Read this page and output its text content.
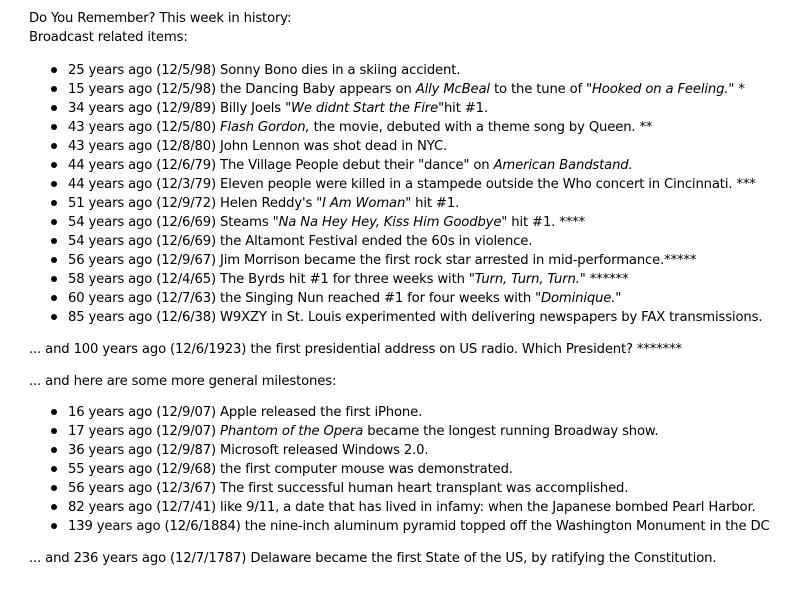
Do You Remember? This week in history:
Broadcast related items:
25 years ago (12/5/98) Sonny Bono dies in a skiing accident.
15 years ago (12/5/98) the Dancing Baby appears on Ally McBeal to the tune of "Hooked on a Feeling." *
34 years ago (12/9/89) Billy Joels "We didnt Start the Fire"hit #1.
43 years ago (12/5/80) Flash Gordon, the movie, debuted with a theme song by Queen. **
43 years ago (12/8/80) John Lennon was shot dead in NYC.
44 years ago (12/6/79) The Village People debut their "dance" on American Bandstand.
44 years ago (12/3/79) Eleven people were killed in a stampede outside the Who concert in Cincinnati. ***
51 years ago (12/9/72) Helen Reddy's "I Am Woman" hit #1.
54 years ago (12/6/69) Steams "Na Na Hey Hey, Kiss Him Goodbye" hit #1. ****
54 years ago (12/6/69) the Altamont Festival ended the 60s in violence.
56 years ago (12/9/67) Jim Morrison became the first rock star arrested in mid-performance.*****
58 years ago (12/4/65) The Byrds hit #1 for three weeks with "Turn, Turn, Turn." ******
60 years ago (12/7/63) the Singing Nun reached #1 for four weeks with "Dominique."
85 years ago (12/6/38) W9XZY in St. Louis experimented with delivering newspapers by FAX transmissions.
... and 100 years ago (12/6/1923) the first presidential address on US radio. Which President? *******
... and here are some more general milestones:
16 years ago (12/9/07) Apple released the first iPhone.
17 years ago (12/9/07) Phantom of the Opera became the longest running Broadway show.
36 years ago (12/9/87) Microsoft released Windows 2.0.
55 years ago (12/9/68) the first computer mouse was demonstrated.
56 years ago (12/3/67) The first successful human heart transplant was accomplished.
82 years ago (12/7/41) like 9/11, a date that has lived in infamy: when the Japanese bombed Pearl Harbor.
139 years ago (12/6/1884) the nine-inch aluminum pyramid topped off the Washington Monument in the DC
... and 236 years ago (12/7/1787) Delaware became the first State of the US, by ratifying the Constitution.
